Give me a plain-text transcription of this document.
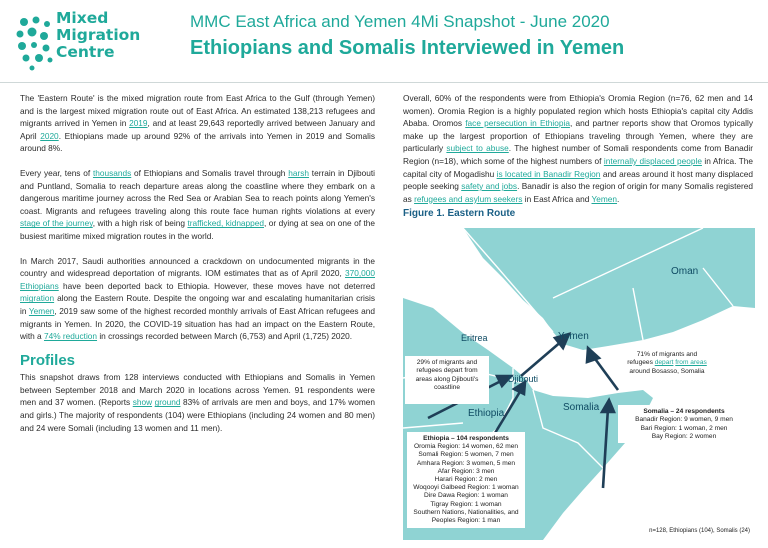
Mixed
Migration
Centre
MMC East Africa and Yemen 4Mi Snapshot - June 2020
Ethiopians and Somalis Interviewed in Yemen

The 'Eastern Route' is the mixed migration route from East Africa to the Gulf (through Yemen) and is the largest mixed migration route out of East Africa. An estimated 138,213 refugees and migrants arrived in Yemen in 2019, and at least 29,643 reportedly arrived between January and April 2020. Ethiopians made up around 92% of the arrivals into Yemen in 2019 and Somalis around 8%.

Every year, tens of thousands of Ethiopians and Somalis travel through harsh terrain in Djibouti and Puntland, Somalia to reach departure areas along the coastline where they embark on a dangerous maritime journey across the Red Sea or Arabian Sea to reach points along Yemen's coast. Migrants and refugees traveling along this route face human rights violations at every stage of the journey, with a high risk of being trafficked, kidnapped, or dying at sea on one of the busiest maritime mixed migration routes in the world.

In March 2017, Saudi authorities announced a crackdown on undocumented migrants in the country and widespread deportation of migrants. IOM estimates that as of April 2020, 370,000 Ethiopians have been deported back to Ethiopia. However, these moves have not deterred migration along the Eastern Route. Despite the ongoing war and escalating humanitarian crisis in Yemen, 2019 saw some of the highest recorded monthly arrivals of East African refugees and migrants in Yemen. In 2020, the COVID-19 situation has had an impact on the Eastern Route, with a 74% reduction in crossings recorded between March (6,753) and April (1,725) 2020.

Profiles

This snapshot draws from 128 interviews conducted with Ethiopians and Somalis in Yemen between September 2018 and March 2020 in locations across Yemen. 91 respondents were men and 37 women. (Reports show ground 83% of arrivals are men and boys, and 17% women and girls.) The majority of respondents (104) were Ethiopians (including 24 women and 80 men) and 24 were Somali (including 13 women and 11 men).

Overall, 60% of the respondents were from Ethiopia's Oromia Region (n=76, 62 men and 14 women). Oromia Region is a highly populated region which hosts Ethiopia's capital city Addis Ababa. Oromos face persecution in Ethiopia, and partner reports show that Oromos typically make up the largest proportion of Ethiopians traveling through Yemen, where they are particularly subject to abuse. The highest number of Somali respondents come from Banadir Region (n=18), which some of the highest numbers of internally displaced people in Africa. The capital city of Mogadishu is located in Banadir Region and areas around it host many displaced people seeking safety and jobs. Banadir is also the region of origin for many Somalis registered as refugees and asylum seekers in East Africa and Yemen.

Figure 1. Eastern Route
Oman
Yemen
Eritrea
Djibouti
Ethiopia
Somalia
29% of migrants and refugees depart from areas along Djibouti's coastline
71% of migrants and refugees depart from areas around Bosasso, Somalia
Somalia – 24 respondents
Banadir Region: 9 women, 9 men
Bari Region: 1 woman, 2 men
Bay Region: 2 women
Ethiopia – 104 respondents
Oromia Region: 14 women, 62 men
Somali Region: 5 women, 7 men
Amhara Region: 3 women, 5 men
Afar Region: 3 men
Harari Region: 2 men
Woqooyi Galbeed Region: 1 woman
Dire Dawa Region: 1 woman
Tigray Region: 1 woman
Southern Nations, Nationalities, and
Peoples Region: 1 man
n=128, Ethiopians (104), Somalis (24)
